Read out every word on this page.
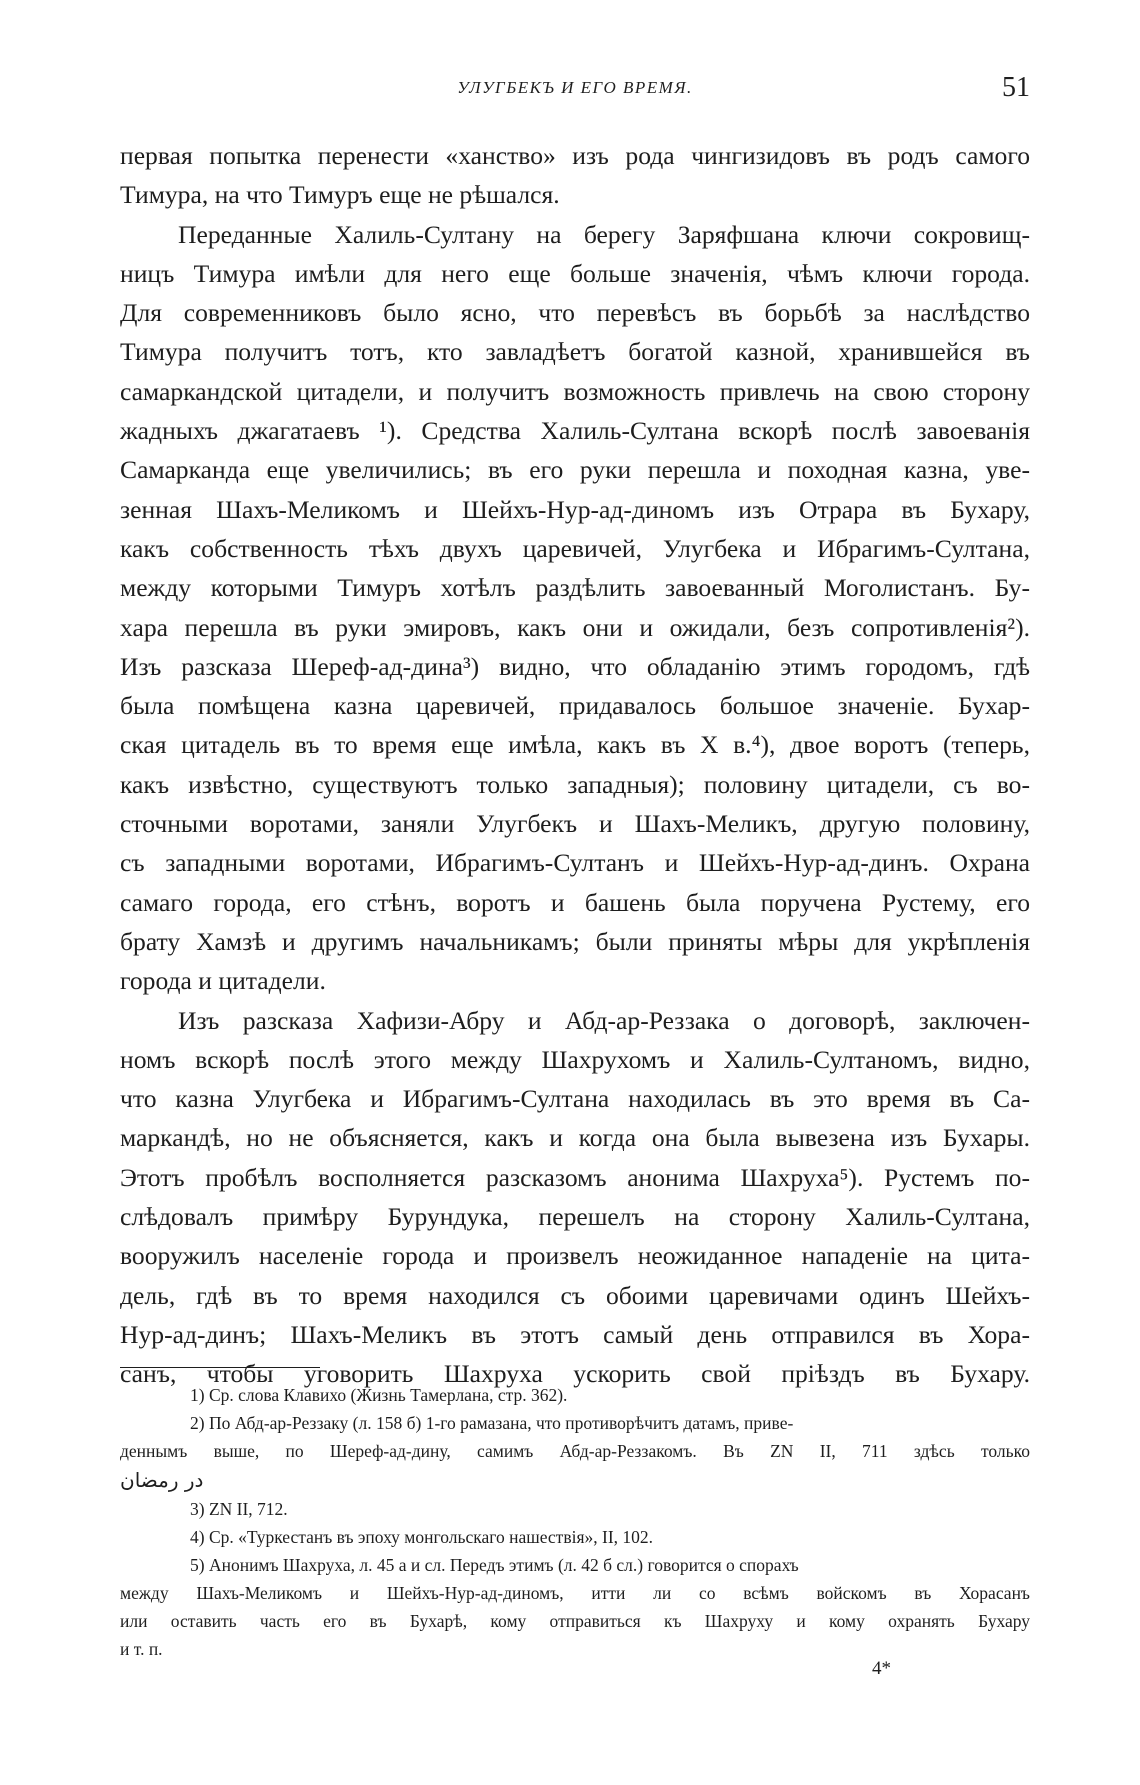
УЛУГБЕКЪ И ЕГО ВРЕМЯ.	51
первая попытка перенести «ханство» изъ рода чингизидовъ въ родъ самого
Тимура, на что Тимуръ еще не рѣшался.
Переданные Халиль-Султану на берегу Заряфшана ключи сокровищ-
ницъ Тимура имѣли для него еще больше значенія, чѣмъ ключи города.
Для современниковъ было ясно, что перевѣсъ въ борьбѣ за наслѣдство
Тимура получитъ тотъ, кто завладѣетъ богатой казной, хранившейся въ
самаркандской цитадели, и получитъ возможность привлечь на свою сторону
жадныхъ джагатаевъ ¹). Средства Халиль-Султана вскорѣ послѣ завоеванія
Самарканда еще увеличились; въ его руки перешла и походная казна, уве-
зенная Шахъ-Меликомъ и Шейхъ-Нур-ад-диномъ изъ Отрара въ Бухару,
какъ собственность тѣхъ двухъ царевичей, Улугбека и Ибрагимъ-Султана,
между которыми Тимуръ хотѣлъ раздѣлить завоеванный Моголистанъ. Бу-
хара перешла въ руки эмировъ, какъ они и ожидали, безъ сопротивленія²).
Изъ разсказа Шереф-ад-дина³) видно, что обладанію этимъ городомъ, гдѣ
была помѣщена казна царевичей, придавалось большое значеніе. Бухар-
ская цитадель въ то время еще имѣла, какъ въ X в.⁴), двое воротъ (теперь,
какъ извѣстно, существуютъ только западныя); половину цитадели, съ во-
сточными воротами, заняли Улугбекъ и Шахъ-Меликъ, другую половину,
съ западными воротами, Ибрагимъ-Султанъ и Шейхъ-Нур-ад-динъ. Охрана
самаго города, его стѣнъ, воротъ и башень была поручена Рустему, его
брату Хамзѣ и другимъ начальникамъ; были приняты мѣры для укрѣпленія
города и цитадели.
Изъ разсказа Хафизи-Абру и Абд-ар-Реззака о договорѣ, заключен-
номъ вскорѣ послѣ этого между Шахрухомъ и Халиль-Султаномъ, видно,
что казна Улугбека и Ибрагимъ-Султана находилась въ это время въ Са-
маркандѣ, но не объясняется, какъ и когда она была вывезена изъ Бухары.
Этотъ пробѣлъ восполняется разсказомъ анонима Шахруха⁵). Рустемъ по-
слѣдовалъ примѣру Бурундука, перешелъ на сторону Халиль-Султана,
вооружилъ населеніе города и произвелъ неожиданное нападеніе на цита-
дель, гдѣ въ то время находился съ обоими царевичами одинъ Шейхъ-
Нур-ад-динъ; Шахъ-Меликъ въ этотъ самый день отправился въ Хора-
санъ, чтобы уговорить Шахруха ускорить свой пріѣздъ въ Бухару.
1) Ср. слова Клавихо (Жизнь Тамерлана, стр. 362).
2) По Абд-ар-Реззаку (л. 158 б) 1-го рамазана, что противорѣчитъ датамъ, приве-
деннымъ выше, по Шереф-ад-дину, самимъ Абд-ар-Реззакомъ. Въ ZN II, 711 здѣсь только
در رمضان
3) ZN II, 712.
4) Ср. «Туркестанъ въ эпоху монгольскаго нашествія», II, 102.
5) Анонимъ Шахруха, л. 45 а и сл. Передъ этимъ (л. 42 б сл.) говорится о спорахъ
между Шахъ-Меликомъ и Шейхъ-Нур-ад-диномъ, итти ли со всѣмъ войскомъ въ Хорасанъ
или оставить часть его въ Бухарѣ, кому отправиться къ Шахруху и кому охранять Бухару
и т. п.
4*
